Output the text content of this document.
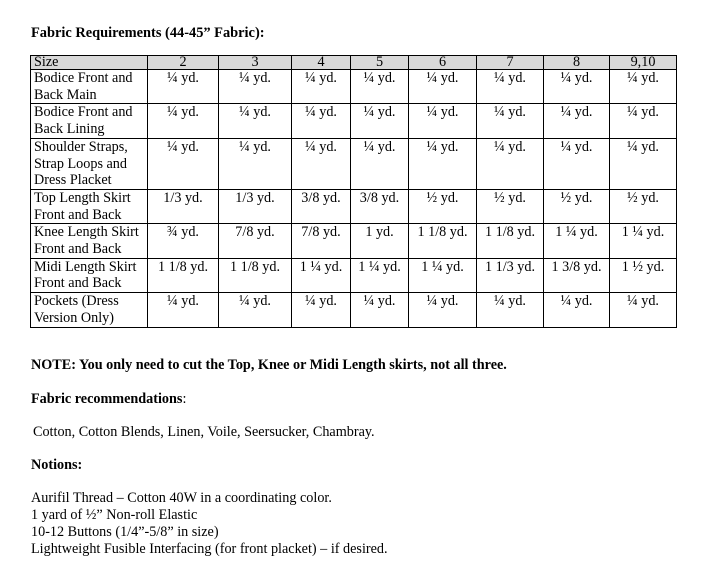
Fabric Requirements (44-45” Fabric):
Size	2	3	4	5	6	7	8	9,10
Bodice Front and Back Main	¼ yd.	¼ yd.	¼ yd.	¼ yd.	¼ yd.	¼ yd.	¼ yd.	¼ yd.
Bodice Front and Back Lining	¼ yd.	¼ yd.	¼ yd.	¼ yd.	¼ yd.	¼ yd.	¼ yd.	¼ yd.
Shoulder Straps, Strap Loops and Dress Placket	¼ yd.	¼ yd.	¼ yd.	¼ yd.	¼ yd.	¼ yd.	¼ yd.	¼ yd.
Top Length Skirt Front and Back	1/3 yd.	1/3 yd.	3/8 yd.	3/8 yd.	½ yd.	½ yd.	½ yd.	½ yd.
Knee Length Skirt Front and Back	¾ yd.	7/8 yd.	7/8 yd.	1 yd.	1 1/8 yd.	1 1/8 yd.	1 ¼ yd.	1 ¼ yd.
Midi Length Skirt Front and Back	1 1/8 yd.	1 1/8 yd.	1 ¼ yd.	1 ¼ yd.	1 ¼ yd.	1 1/3 yd.	1 3/8 yd.	1 ½ yd.
Pockets (Dress Version Only)	¼ yd.	¼ yd.	¼ yd.	¼ yd.	¼ yd.	¼ yd.	¼ yd.	¼ yd.
NOTE: You only need to cut the Top, Knee or Midi Length skirts, not all three.
Fabric recommendations:
Cotton, Cotton Blends, Linen, Voile, Seersucker, Chambray.
Notions:
Aurifil Thread – Cotton 40W in a coordinating color.
1 yard of ½” Non-roll Elastic
10-12 Buttons (1/4”-5/8” in size)
Lightweight Fusible Interfacing (for front placket) – if desired.
